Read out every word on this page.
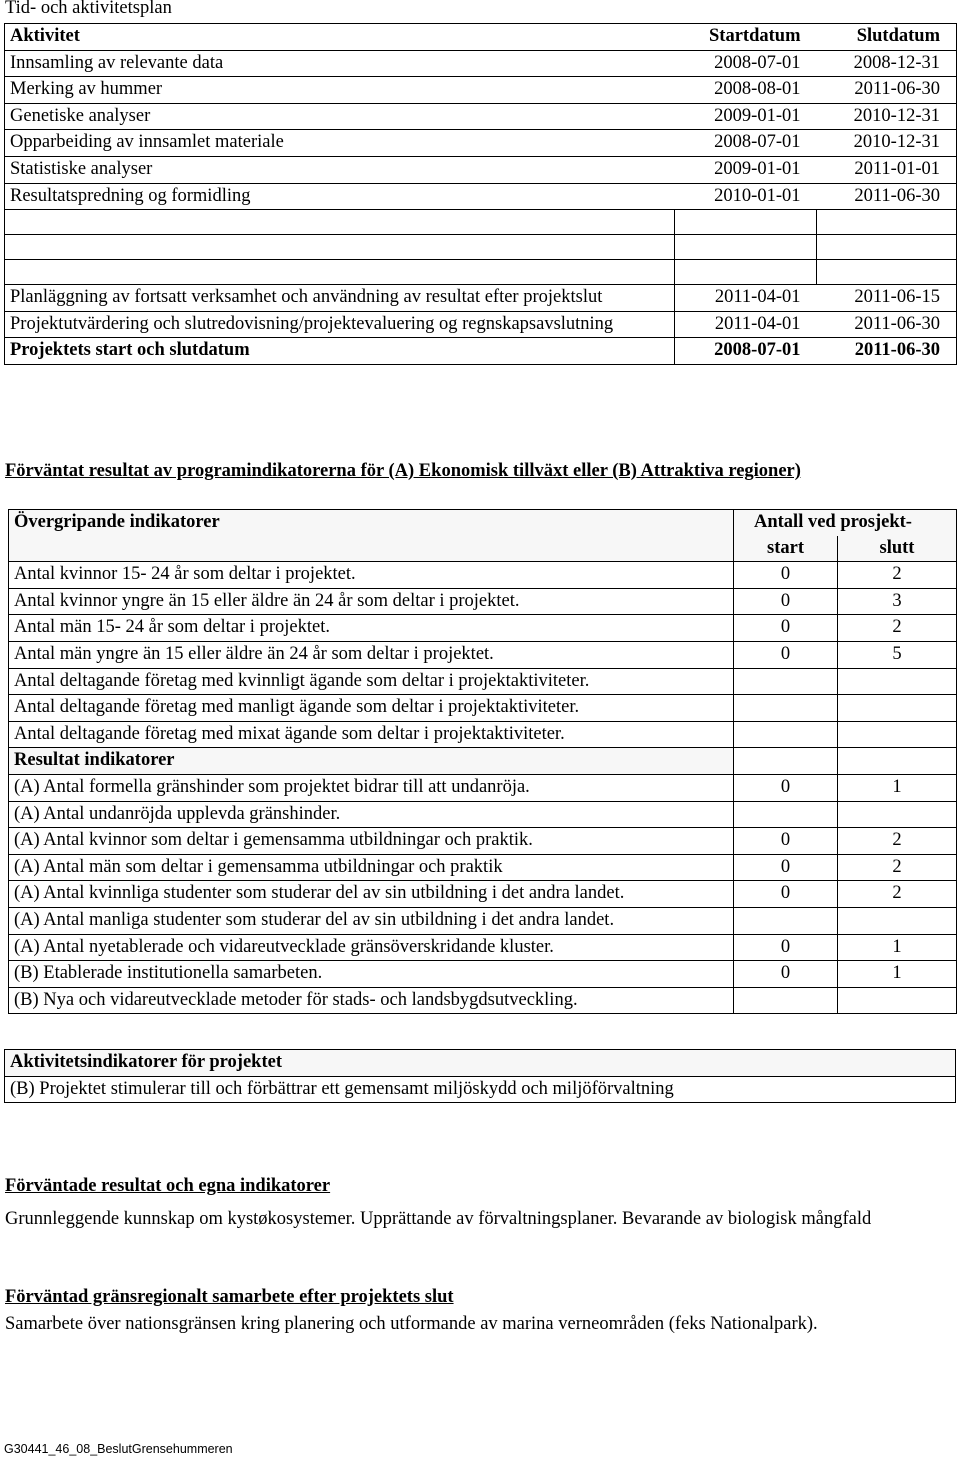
Tid- och aktivitetsplan
Aktivitet	Startdatum	Slutdatum
Innsamling av relevante data	2008-07-01	2008-12-31
Merking av hummer	2008-08-01	2011-06-30
Genetiske analyser	2009-01-01	2010-12-31
Opparbeiding av innsamlet materiale	2008-07-01	2010-12-31
Statistiske analyser	2009-01-01	2011-01-01
Resultatspredning og formidling	2010-01-01	2011-06-30

Planläggning av fortsatt verksamhet och användning av resultat efter projektslut	2011-04-01	2011-06-15
Projektutvärdering och slutredovisning/projektevaluering og regnskapsavslutning	2011-04-01	2011-06-30
Projektets start och slutdatum	2008-07-01	2011-06-30
Förväntat resultat av programindikatorerna för (A) Ekonomisk tillväxt eller (B) Attraktiva regioner)
Övergripande indikatorer	Antall ved prosjekt-	
	start	slutt
Antal kvinnor 15- 24 år som deltar i projektet.	0	2
Antal kvinnor yngre än 15 eller äldre än 24 år som deltar i projektet.	0	3
Antal män 15- 24 år som deltar i projektet.	0	2
Antal män yngre än 15 eller äldre än 24 år som deltar i projektet.	0	5
Antal deltagande företag med kvinnligt ägande som deltar i projektaktiviteter.		
Antal deltagande företag med manligt ägande som deltar i projektaktiviteter.		
Antal deltagande företag med mixat ägande som deltar i projektaktiviteter.		
Resultat indikatorer		
(A) Antal formella gränshinder som projektet bidrar till att undanröja.	0	1
(A) Antal undanröjda upplevda gränshinder.		
(A) Antal kvinnor som deltar i gemensamma utbildningar och praktik.	0	2
(A) Antal män som deltar i gemensamma utbildningar och praktik	0	2
(A) Antal kvinnliga studenter som studerar del av sin utbildning i det andra landet.	0	2
(A) Antal manliga studenter som studerar del av sin utbildning i det andra landet.		
(A) Antal nyetablerade och vidareutvecklade gränsöverskridande kluster.	0	1
(B) Etablerade institutionella samarbeten.	0	1
(B) Nya och vidareutvecklade metoder för stads- och landsbygdsutveckling.		
Aktivitetsindikatorer för projektet
(B) Projektet stimulerar till och förbättrar ett gemensamt miljöskydd och miljöförvaltning
Förväntade resultat och egna indikatorer
Grunnleggende kunnskap om kystøkosystemer. Upprättande av förvaltningsplaner. Bevarande av biologisk mångfald
Förväntad gränsregionalt samarbete efter projektets slut
Samarbete över nationsgränsen kring planering och utformande av marina verneområden (feks Nationalpark).
G30441_46_08_BeslutGrensehummeren
